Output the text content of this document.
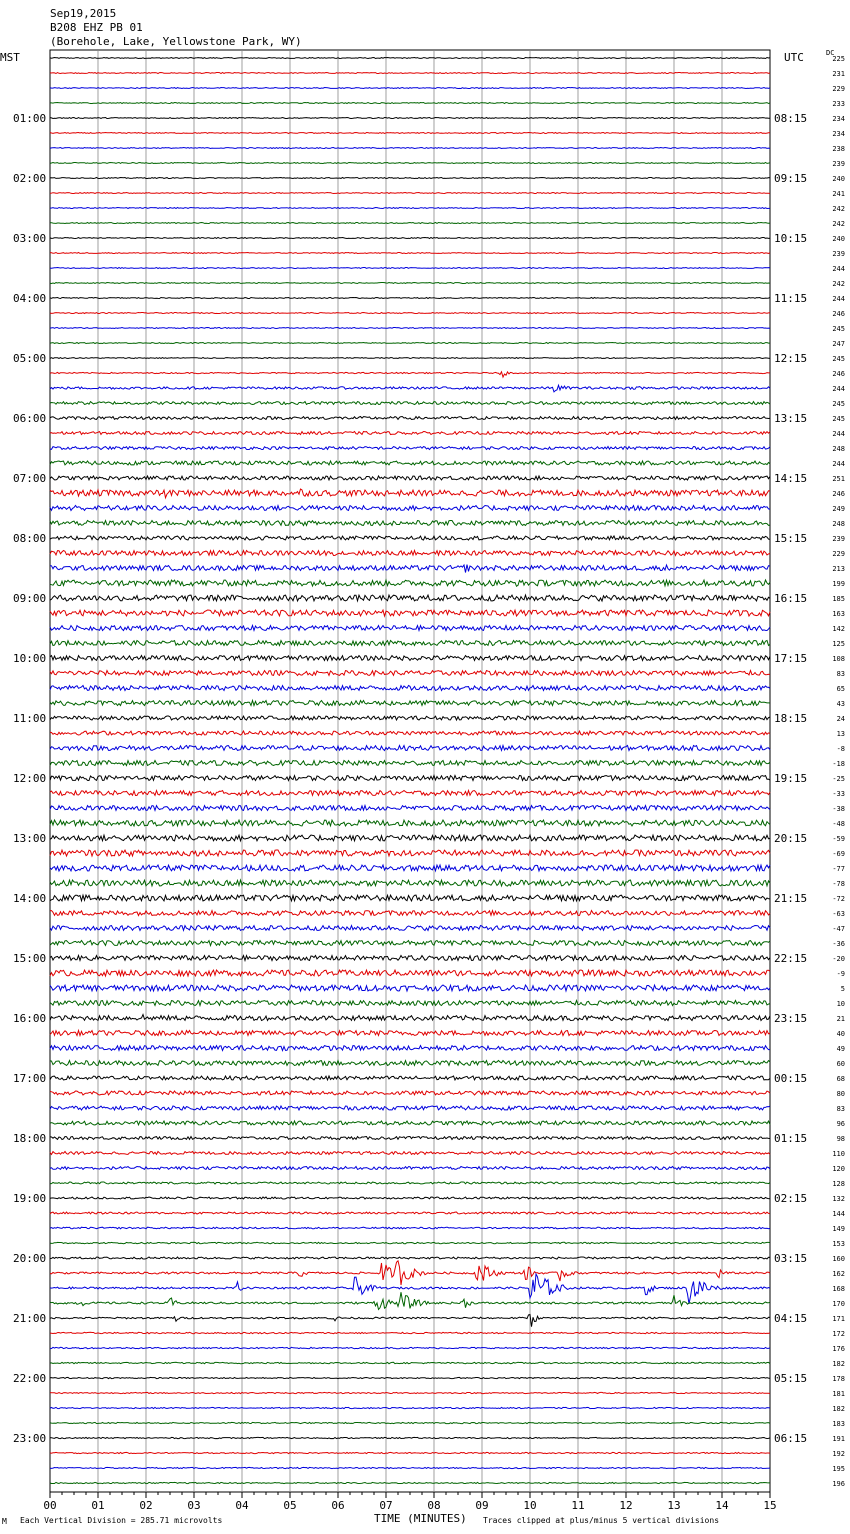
Sep19,2015
B208 EHZ PB 01
(Borehole, Lake, Yellowstone Park, WY)
MST	UTC	DC
01:00
02:00
03:00
04:00
05:00
06:00
07:00
08:00
09:00
10:00
11:00
12:00
13:00
14:00
15:00
16:00
17:00
18:00
19:00
20:00
21:00
22:00
23:00
08:15
09:15
10:15
11:15
12:15
13:15
14:15
15:15
16:15
17:15
18:15
19:15
20:15
21:15
22:15
23:15
00:15
01:15
02:15
03:15
04:15
05:15
06:15
225
231
229
233
234
234
238
239
240
241
242
242
240
239
244
242
244
246
245
247
245
246
244
245
245
244
248
244
251
246
249
248
239
229
213
199
185
163
142
125
108
83
65
43
24
13
-8
-18
-25
-33
-38
-48
-59
-69
-77
-78
-72
-63
-47
-36
-20
-9
5
10
21
40
49
60
68
80
83
96
98
110
120
128
132
144
149
153
160
162
168
170
171
172
176
182
178
181
182
183
191
192
195
196
00	01	02	03	04	05	06	07	08	09	10	11	12	13	14	15
M Each Vertical Division = 285.71 microvolts	TIME (MINUTES) Traces clipped at plus/minus 5 vertical divisions
